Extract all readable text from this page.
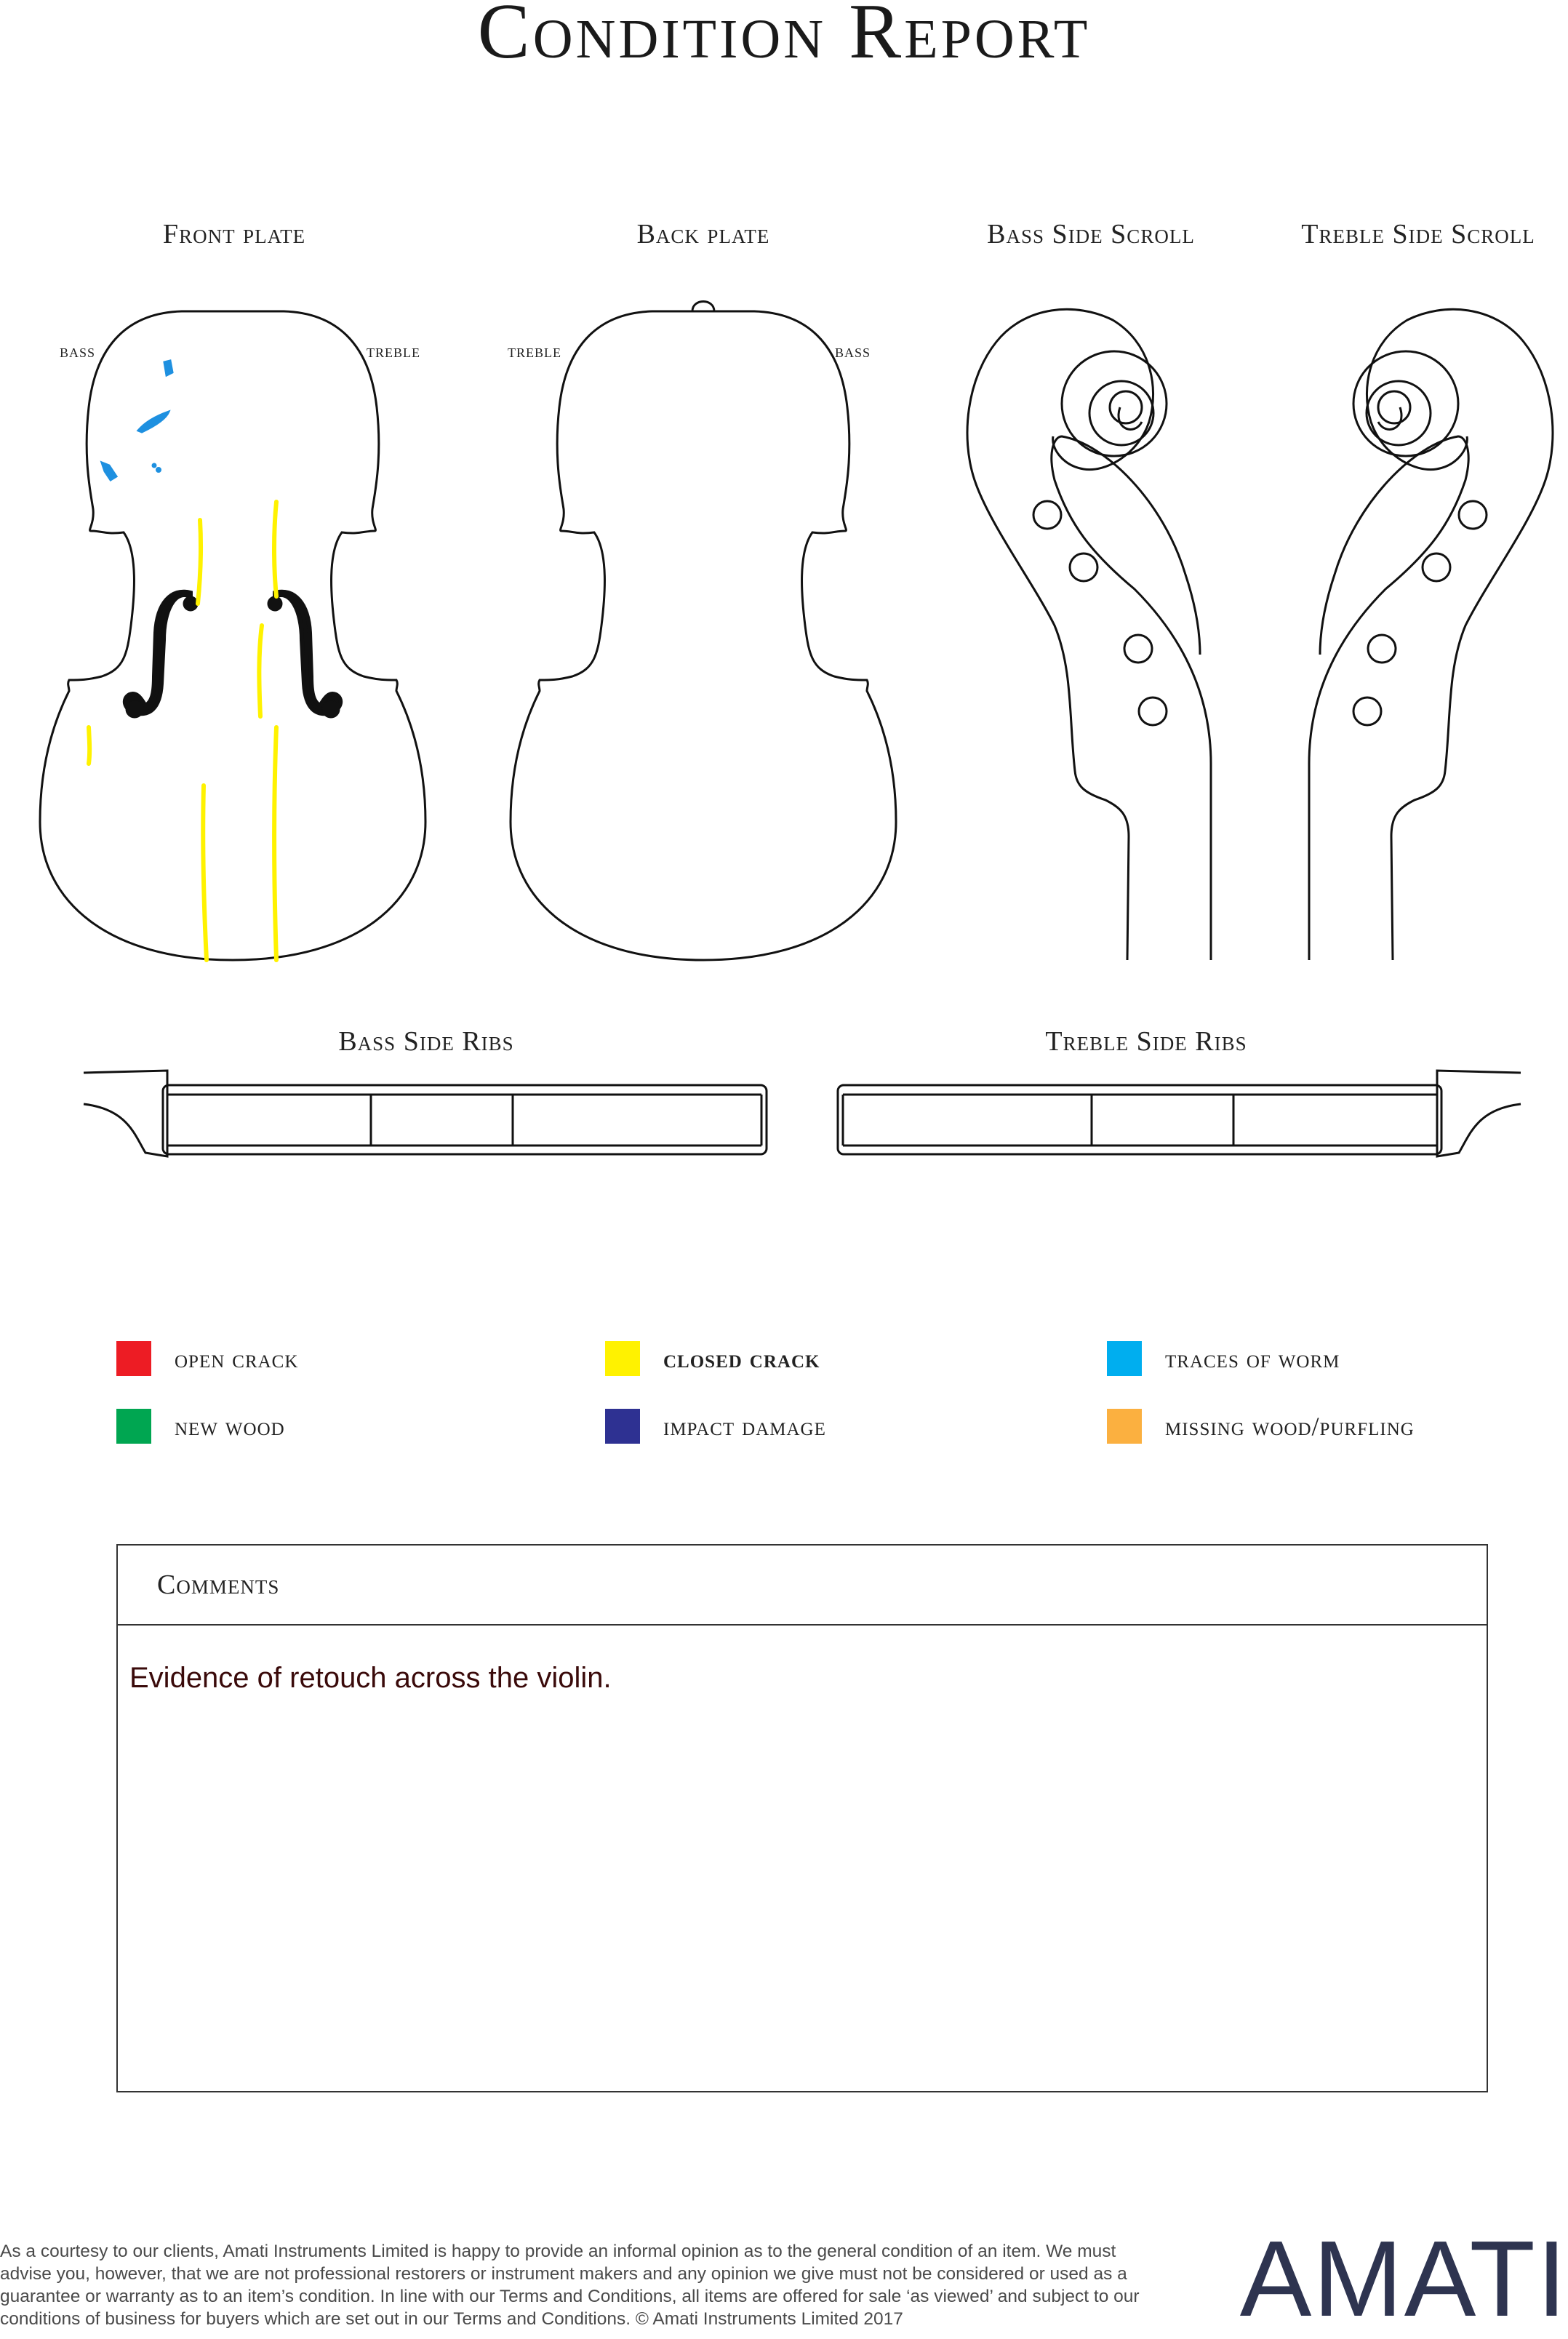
Condition Report
Front plate	Back plate	Bass Side Scroll	Treble Side Scroll
Bass Side Ribs	Treble Side Ribs
bass	treble	treble	bass
open crack	closed crack	traces of worm
new wood	impact damage	missing wood/purfling
Comments
Evidence of retouch across the violin.
As a courtesy to our clients, Amati Instruments Limited is happy to provide an informal opinion as to the general condition of an item. We must advise you, however, that we are not professional restorers or instrument makers and any opinion we give must not be considered or used as a guarantee or warranty as to an item’s condition. In line with our Terms and Conditions, all items are offered for sale ‘as viewed’ and subject to our conditions of business for buyers which are set out in our Terms and Conditions. © Amati Instruments Limited 2017	AMATI
